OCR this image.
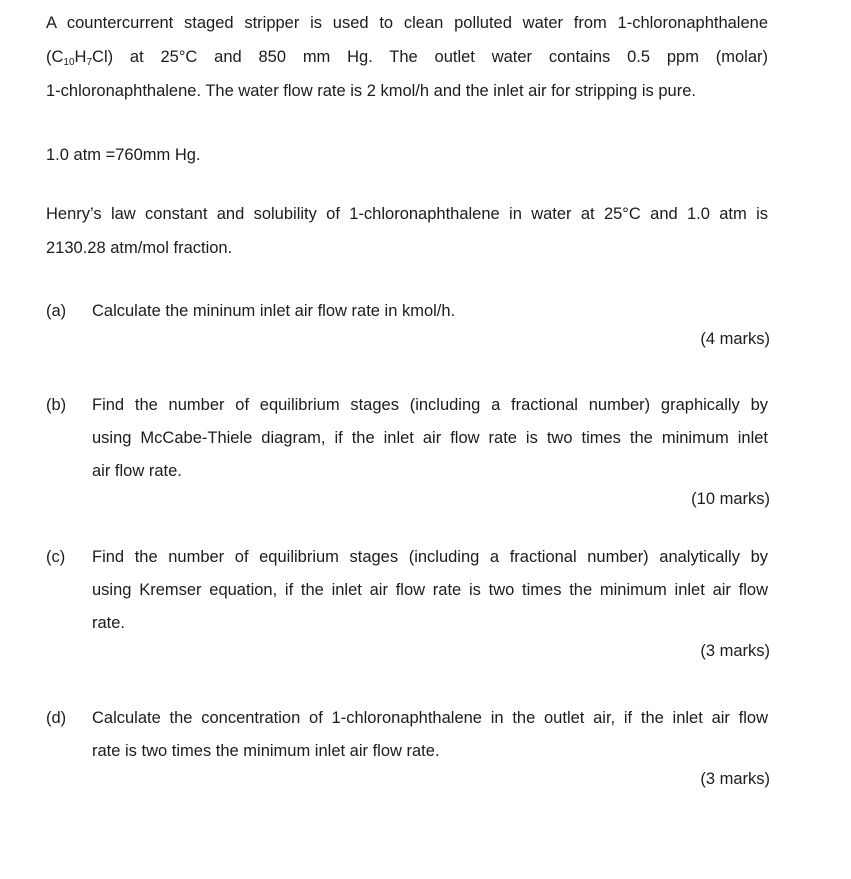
A countercurrent staged stripper is used to clean polluted water from 1-chloronaphthalene
$(C_{10}H_7Cl)$ at 25°C and 850 mm Hg. The outlet water contains 0.5 ppm (molar)
1-chloronaphthalene. The water flow rate is 2 kmol/h and the inlet air for stripping is pure.
1.0 atm =760mm Hg.
Henry’s law constant and solubility of 1-chloronaphthalene in water at 25°C and 1.0 atm is
2130.28 atm/mol fraction.
(a) Calculate the mininum inlet air flow rate in kmol/h.
(4 marks)
(b) Find the number of equilibrium stages (including a fractional number) graphically by
using McCabe-Thiele diagram, if the inlet air flow rate is two times the minimum inlet
air flow rate.
(10 marks)
(c) Find the number of equilibrium stages (including a fractional number) analytically by
using Kremser equation, if the inlet air flow rate is two times the minimum inlet air flow
rate.
(3 marks)
(d) Calculate the concentration of 1-chloronaphthalene in the outlet air, if the inlet air flow
rate is two times the minimum inlet air flow rate.
(3 marks)
